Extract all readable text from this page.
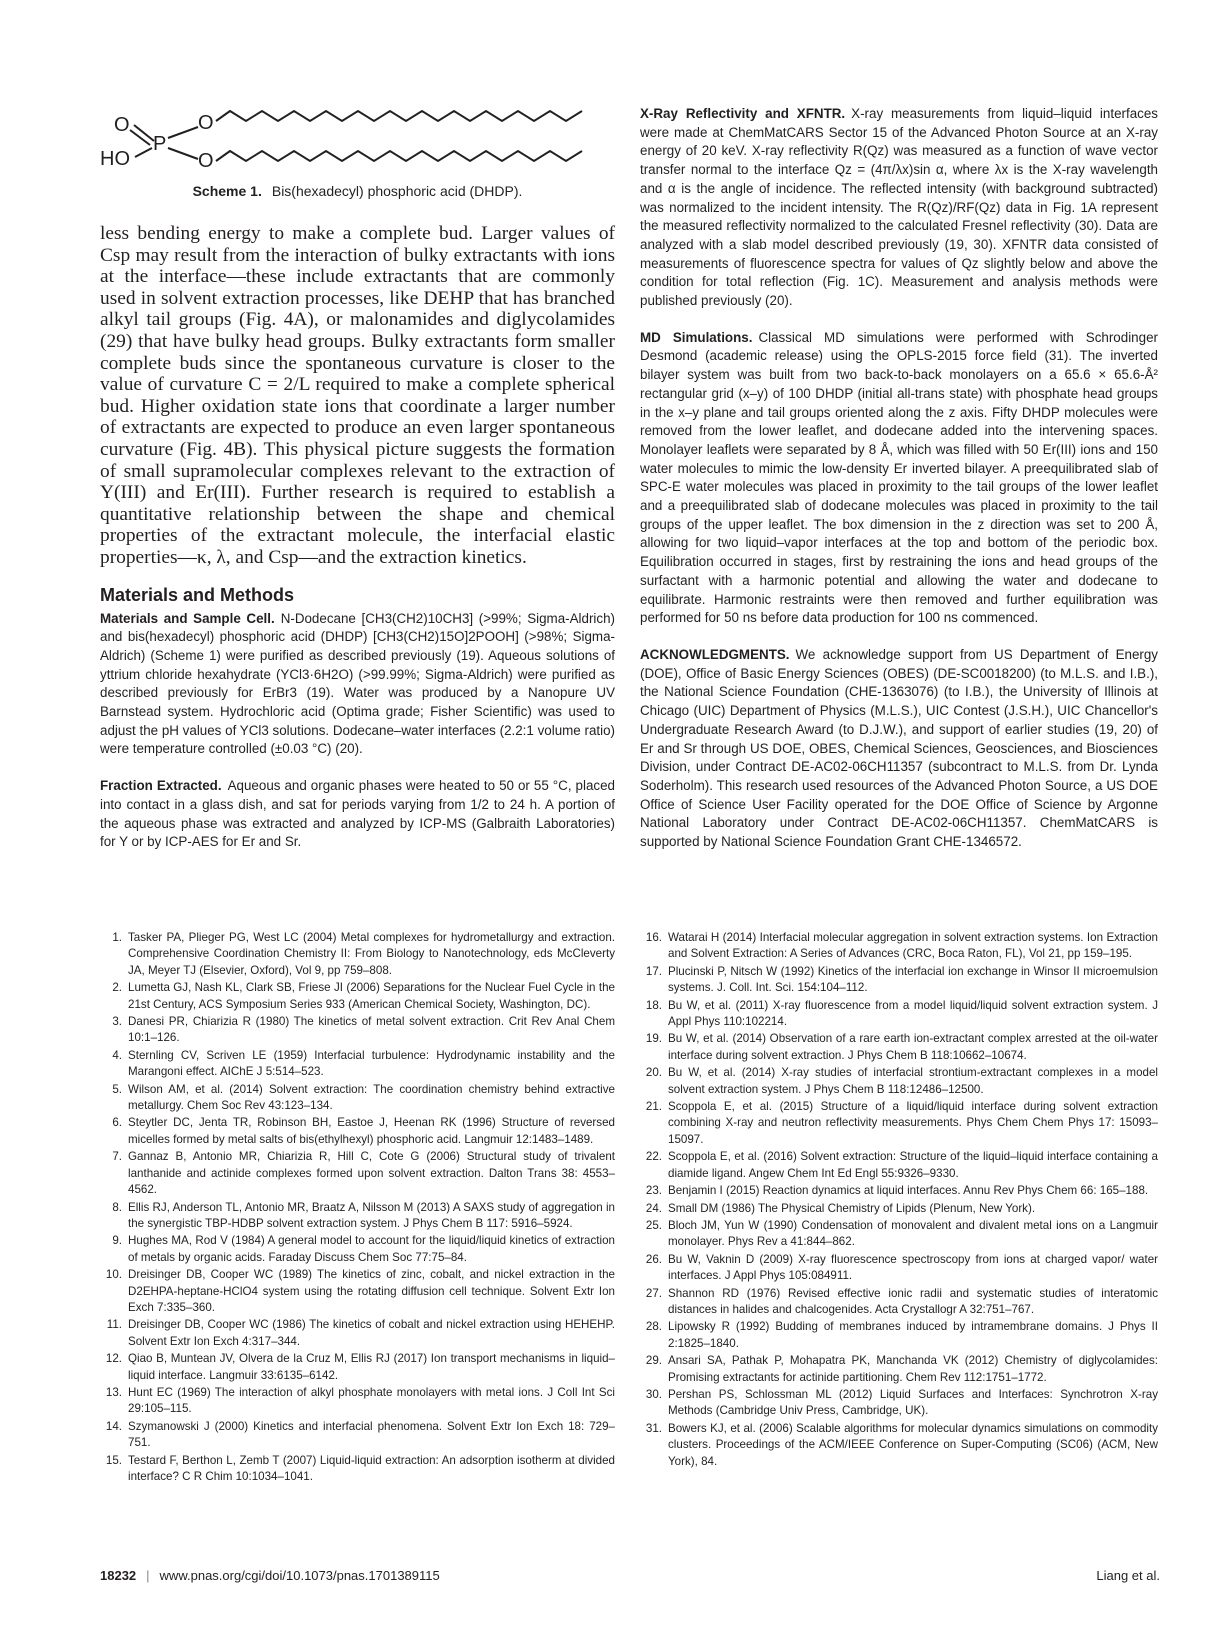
O
P
O
HO	O
Scheme 1. Bis(hexadecyl) phosphoric acid (DHDP).
less bending energy to make a complete bud. Larger values of Csp may result from the interaction of bulky extractants with ions at the interface—these include extractants that are commonly used in solvent extraction processes, like DEHP that has branched alkyl tail groups (Fig. 4A), or malonamides and diglycolamides (29) that have bulky head groups. Bulky extractants form smaller complete buds since the spontaneous curvature is closer to the value of curvature C = 2/L required to make a complete spherical bud. Higher oxidation state ions that coordinate a larger number of extractants are expected to produce an even larger spontaneous curvature (Fig. 4B). This physical picture suggests the formation of small supramolecular complexes relevant to the extraction of Y(III) and Er(III). Further research is required to establish a quantitative relationship between the shape and chemical properties of the extractant molecule, the interfacial elastic properties—κ, λ, and Csp—and the extraction kinetics.
Materials and Methods

Materials and Sample Cell. N-Dodecane [CH3(CH2)10CH3] (>99%; Sigma-Aldrich) and bis(hexadecyl) phosphoric acid (DHDP) [CH3(CH2)15O]2POOH] (>98%; Sigma-Aldrich) (Scheme 1) were purified as described previously (19). Aqueous solutions of yttrium chloride hexahydrate (YCl3·6H2O) (>99.99%; Sigma-Aldrich) were purified as described previously for ErBr3 (19). Water was produced by a Nanopure UV Barnstead system. Hydrochloric acid (Optima grade; Fisher Scientific) was used to adjust the pH values of YCl3 solutions. Dodecane–water interfaces (2.2:1 volume ratio) were temperature controlled (±0.03 °C) (20).

Fraction Extracted. Aqueous and organic phases were heated to 50 or 55 °C, placed into contact in a glass dish, and sat for periods varying from 1/2 to 24 h. A portion of the aqueous phase was extracted and analyzed by ICP-MS (Galbraith Laboratories) for Y or by ICP-AES for Er and Sr.

X-Ray Reflectivity and XFNTR. X-ray measurements from liquid–liquid interfaces were made at ChemMatCARS Sector 15 of the Advanced Photon Source at an X-ray energy of 20 keV. X-ray reflectivity R(Qz) was measured as a function of wave vector transfer normal to the interface Qz = (4π/λx)sin α, where λx is the X-ray wavelength and α is the angle of incidence. The reflected intensity (with background subtracted) was normalized to the incident intensity. The R(Qz)/RF(Qz) data in Fig. 1A represent the measured reflectivity normalized to the calculated Fresnel reflectivity (30). Data are analyzed with a slab model described previously (19, 30). XFNTR data consisted of measurements of fluorescence spectra for values of Qz slightly below and above the condition for total reflection (Fig. 1C). Measurement and analysis methods were published previously (20).

MD Simulations. Classical MD simulations were performed with Schrodinger Desmond (academic release) using the OPLS-2015 force field (31). The inverted bilayer system was built from two back-to-back monolayers on a 65.6 × 65.6-Å² rectangular grid (x–y) of 100 DHDP (initial all-trans state) with phosphate head groups in the x–y plane and tail groups oriented along the z axis. Fifty DHDP molecules were removed from the lower leaflet, and dodecane added into the intervening spaces. Monolayer leaflets were separated by 8 Å, which was filled with 50 Er(III) ions and 150 water molecules to mimic the low-density Er inverted bilayer. A preequilibrated slab of SPC-E water molecules was placed in proximity to the tail groups of the lower leaflet and a preequilibrated slab of dodecane molecules was placed in proximity to the tail groups of the upper leaflet. The box dimension in the z direction was set to 200 Å, allowing for two liquid–vapor interfaces at the top and bottom of the periodic box. Equilibration occurred in stages, first by restraining the ions and head groups of the surfactant with a harmonic potential and allowing the water and dodecane to equilibrate. Harmonic restraints were then removed and further equilibration was performed for 50 ns before data production for 100 ns commenced.

ACKNOWLEDGMENTS. We acknowledge support from US Department of Energy (DOE), Office of Basic Energy Sciences (OBES) (DE-SC0018200) (to M.L.S. and I.B.), the National Science Foundation (CHE-1363076) (to I.B.), the University of Illinois at Chicago (UIC) Department of Physics (M.L.S.), UIC Contest (J.S.H.), UIC Chancellor's Undergraduate Research Award (to D.J.W.), and support of earlier studies (19, 20) of Er and Sr through US DOE, OBES, Chemical Sciences, Geosciences, and Biosciences Division, under Contract DE-AC02-06CH11357 (subcontract to M.L.S. from Dr. Lynda Soderholm). This research used resources of the Advanced Photon Source, a US DOE Office of Science User Facility operated for the DOE Office of Science by Argonne National Laboratory under Contract DE-AC02-06CH11357. ChemMatCARS is supported by National Science Foundation Grant CHE-1346572.

1. Tasker PA, Plieger PG, West LC (2004) Metal complexes for hydrometallurgy and extraction. Comprehensive Coordination Chemistry II: From Biology to Nanotechnology, eds McCleverty JA, Meyer TJ (Elsevier, Oxford), Vol 9, pp 759–808.
2. Lumetta GJ, Nash KL, Clark SB, Friese JI (2006) Separations for the Nuclear Fuel Cycle in the 21st Century, ACS Symposium Series 933 (American Chemical Society, Washington, DC).
3. Danesi PR, Chiarizia R (1980) The kinetics of metal solvent extraction. Crit Rev Anal Chem 10:1–126.
4. Sternling CV, Scriven LE (1959) Interfacial turbulence: Hydrodynamic instability and the Marangoni effect. AIChE J 5:514–523.
5. Wilson AM, et al. (2014) Solvent extraction: The coordination chemistry behind extractive metallurgy. Chem Soc Rev 43:123–134.
6. Steytler DC, Jenta TR, Robinson BH, Eastoe J, Heenan RK (1996) Structure of reversed micelles formed by metal salts of bis(ethylhexyl) phosphoric acid. Langmuir 12:1483–1489.
7. Gannaz B, Antonio MR, Chiarizia R, Hill C, Cote G (2006) Structural study of trivalent lanthanide and actinide complexes formed upon solvent extraction. Dalton Trans 38: 4553–4562.
8. Ellis RJ, Anderson TL, Antonio MR, Braatz A, Nilsson M (2013) A SAXS study of aggregation in the synergistic TBP-HDBP solvent extraction system. J Phys Chem B 117: 5916–5924.
9. Hughes MA, Rod V (1984) A general model to account for the liquid/liquid kinetics of extraction of metals by organic acids. Faraday Discuss Chem Soc 77:75–84.
10. Dreisinger DB, Cooper WC (1989) The kinetics of zinc, cobalt, and nickel extraction in the D2EHPA-heptane-HClO4 system using the rotating diffusion cell technique. Solvent Extr Ion Exch 7:335–360.
11. Dreisinger DB, Cooper WC (1986) The kinetics of cobalt and nickel extraction using HEHEHP. Solvent Extr Ion Exch 4:317–344.
12. Qiao B, Muntean JV, Olvera de la Cruz M, Ellis RJ (2017) Ion transport mechanisms in liquid–liquid interface. Langmuir 33:6135–6142.
13. Hunt EC (1969) The interaction of alkyl phosphate monolayers with metal ions. J Coll Int Sci 29:105–115.
14. Szymanowski J (2000) Kinetics and interfacial phenomena. Solvent Extr Ion Exch 18: 729–751.
15. Testard F, Berthon L, Zemb T (2007) Liquid-liquid extraction: An adsorption isotherm at divided interface? C R Chim 10:1034–1041.
16. Watarai H (2014) Interfacial molecular aggregation in solvent extraction systems. Ion Extraction and Solvent Extraction: A Series of Advances (CRC, Boca Raton, FL), Vol 21, pp 159–195.
17. Plucinski P, Nitsch W (1992) Kinetics of the interfacial ion exchange in Winsor II microemulsion systems. J. Coll. Int. Sci. 154:104–112.
18. Bu W, et al. (2011) X-ray fluorescence from a model liquid/liquid solvent extraction system. J Appl Phys 110:102214.
19. Bu W, et al. (2014) Observation of a rare earth ion-extractant complex arrested at the oil-water interface during solvent extraction. J Phys Chem B 118:10662–10674.
20. Bu W, et al. (2014) X-ray studies of interfacial strontium-extractant complexes in a model solvent extraction system. J Phys Chem B 118:12486–12500.
21. Scoppola E, et al. (2015) Structure of a liquid/liquid interface during solvent extraction combining X-ray and neutron reflectivity measurements. Phys Chem Chem Phys 17: 15093–15097.
22. Scoppola E, et al. (2016) Solvent extraction: Structure of the liquid–liquid interface containing a diamide ligand. Angew Chem Int Ed Engl 55:9326–9330.
23. Benjamin I (2015) Reaction dynamics at liquid interfaces. Annu Rev Phys Chem 66: 165–188.
24. Small DM (1986) The Physical Chemistry of Lipids (Plenum, New York).
25. Bloch JM, Yun W (1990) Condensation of monovalent and divalent metal ions on a Langmuir monolayer. Phys Rev a 41:844–862.
26. Bu W, Vaknin D (2009) X-ray fluorescence spectroscopy from ions at charged vapor/ water interfaces. J Appl Phys 105:084911.
27. Shannon RD (1976) Revised effective ionic radii and systematic studies of interatomic distances in halides and chalcogenides. Acta Crystallogr A 32:751–767.
28. Lipowsky R (1992) Budding of membranes induced by intramembrane domains. J Phys II 2:1825–1840.
29. Ansari SA, Pathak P, Mohapatra PK, Manchanda VK (2012) Chemistry of diglycolamides: Promising extractants for actinide partitioning. Chem Rev 112:1751–1772.
30. Pershan PS, Schlossman ML (2012) Liquid Surfaces and Interfaces: Synchrotron X-ray Methods (Cambridge Univ Press, Cambridge, UK).
31. Bowers KJ, et al. (2006) Scalable algorithms for molecular dynamics simulations on commodity clusters. Proceedings of the ACM/IEEE Conference on Super-Computing (SC06) (ACM, New York), 84.
18232 | www.pnas.org/cgi/doi/10.1073/pnas.1701389115	Liang et al.
